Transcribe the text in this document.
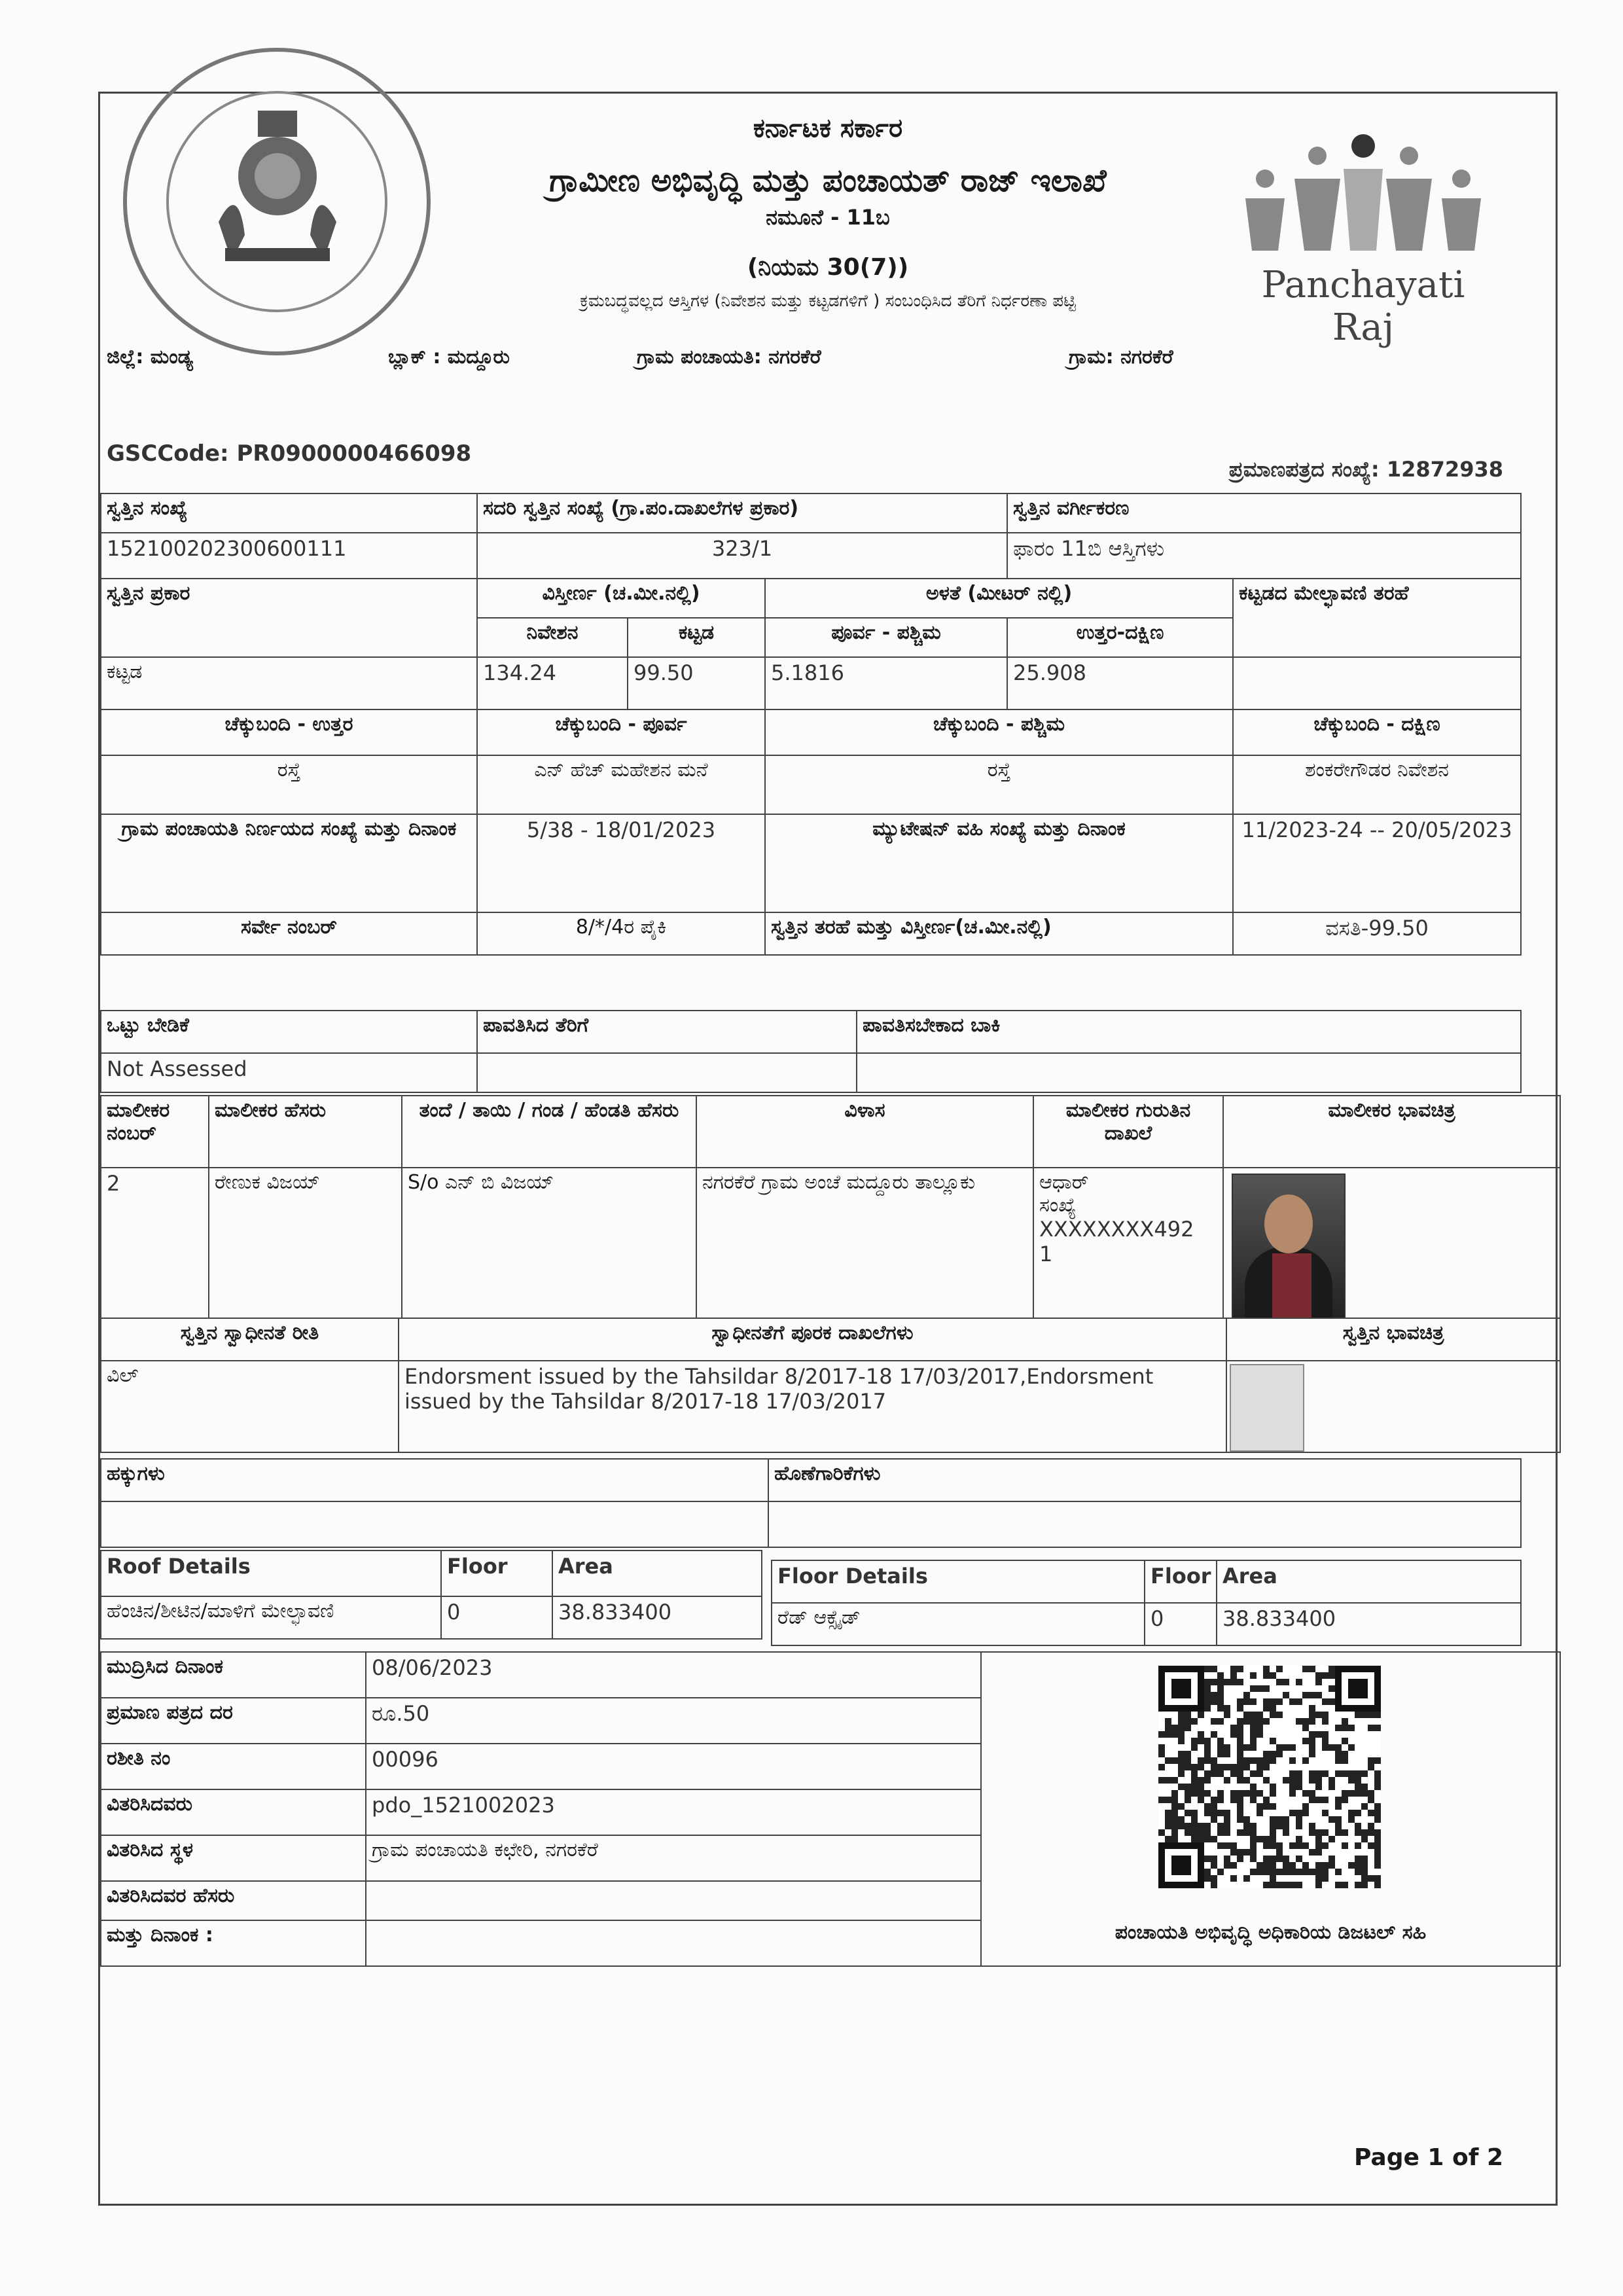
ಕರ್ನಾಟಕ ಸರ್ಕಾರ
ಗ್ರಾಮೀಣ ಅಭಿವೃದ್ಧಿ ಮತ್ತು ಪಂಚಾಯತ್ ರಾಜ್ ಇಲಾಖೆ
ನಮೂನೆ - 11ಬ
(ನಿಯಮ 30(7))
ಕ್ರಮಬದ್ಧವಲ್ಲದ ಆಸ್ತಿಗಳ (ನಿವೇಶನ ಮತ್ತು ಕಟ್ಟಡಗಳಿಗೆ ) ಸಂಬಂಧಿಸಿದ ತೆರಿಗೆ ನಿರ್ಧರಣಾ ಪಟ್ಟಿ	Panchayati Raj
ಜಿಲ್ಲೆ: ಮಂಡ್ಯ	ಬ್ಲಾಕ್ : ಮದ್ದೂರು	ಗ್ರಾಮ ಪಂಚಾಯತಿ: ನಗರಕೆರೆ	ಗ್ರಾಮ: ನಗರಕೆರೆ
GSCCode: PR0900000466098
ಪ್ರಮಾಣಪತ್ರದ ಸಂಖ್ಯೆ: 12872938
ಸ್ವತ್ತಿನ ಸಂಖ್ಯೆ	ಸದರಿ ಸ್ವತ್ತಿನ ಸಂಖ್ಯೆ (ಗ್ರಾ.ಪಂ.ದಾಖಲೆಗಳ ಪ್ರಕಾರ)			ಸ್ವತ್ತಿನ ವರ್ಗೀಕರಣ	
152100202300600111	323/1			ಫಾರಂ 11ಬಿ ಆಸ್ತಿಗಳು	
ಸ್ವತ್ತಿನ ಪ್ರಕಾರ	ವಿಸ್ತೀರ್ಣ (ಚ.ಮೀ.ನಲ್ಲಿ)		ಅಳತೆ (ಮೀಟರ್ ನಲ್ಲಿ)		ಕಟ್ಟಡದ ಮೇಲ್ಛಾವಣಿ ತರಹೆ
	ನಿವೇಶನ	ಕಟ್ಟಡ	ಪೂರ್ವ - ಪಶ್ಚಿಮ	ಉತ್ತರ-ದಕ್ಷಿಣ	
ಕಟ್ಟಡ	134.24	99.50	5.1816	25.908	
ಚೆಕ್ಕುಬಂದಿ - ಉತ್ತರ	ಚೆಕ್ಕುಬಂದಿ - ಪೂರ್ವ		ಚೆಕ್ಕುಬಂದಿ - ಪಶ್ಚಿಮ		ಚೆಕ್ಕುಬಂದಿ - ದಕ್ಷಿಣ
ರಸ್ತೆ	ಎನ್ ಹೆಚ್ ಮಹೇಶನ ಮನೆ		ರಸ್ತೆ		ಶಂಕರೇಗೌಡರ ನಿವೇಶನ
ಗ್ರಾಮ ಪಂಚಾಯತಿ ನಿರ್ಣಯದ ಸಂಖ್ಯೆ ಮತ್ತು ದಿನಾಂಕ	5/38 - 18/01/2023		ಮ್ಯುಟೇಷನ್ ವಹಿ ಸಂಖ್ಯೆ ಮತ್ತು ದಿನಾಂಕ		11/2023-24 -- 20/05/2023
ಸರ್ವೇ ನಂಬರ್	8/*/4ರ ಪೈಕಿ		ಸ್ವತ್ತಿನ ತರಹೆ ಮತ್ತು ವಿಸ್ತೀರ್ಣ(ಚ.ಮೀ.ನಲ್ಲಿ)		ವಸತಿ-99.50
ಒಟ್ಟು ಬೇಡಿಕೆ	ಪಾವತಿಸಿದ ತೆರಿಗೆ	ಪಾವತಿಸಬೇಕಾದ ಬಾಕಿ
Not Assessed		
ಮಾಲೀಕರ ನಂಬರ್	ಮಾಲೀಕರ ಹೆಸರು	ತಂದೆ / ತಾಯಿ / ಗಂಡ / ಹೆಂಡತಿ ಹೆಸರು	ವಿಳಾಸ	ಮಾಲೀಕರ ಗುರುತಿನ ದಾಖಲೆ	ಮಾಲೀಕರ ಭಾವಚಿತ್ರ
2	ರೇಣುಕ ವಿಜಯ್	S/o ಎನ್ ಬಿ ವಿಜಯ್	ನಗರಕೆರೆ ಗ್ರಾಮ ಅಂಚೆ ಮದ್ದೂರು ತಾಲ್ಲೂಕು	ಆಧಾರ್
ಸಂಖ್ಯೆ
XXXXXXXX492
1	

ಸ್ವತ್ತಿನ ಸ್ವಾಧೀನತೆ ರೀತಿ	ಸ್ವಾಧೀನತೆಗೆ ಪೂರಕ ದಾಖಲೆಗಳು	ಸ್ವತ್ತಿನ ಭಾವಚಿತ್ರ
ವಿಲ್	Endorsment issued by the Tahsildar 8/2017-18 17/03/2017,Endorsment issued by the Tahsildar 8/2017-18 17/03/2017	
ಹಕ್ಕುಗಳು	ಹೊಣೆಗಾರಿಕೆಗಳು

Roof Details	Floor	Area
ಹೆಂಚಿನ/ಶೀಟಿನ/ಮಾಳಿಗೆ ಮೇಲ್ಛಾವಣಿ	0	38.833400
Floor Details	Floor	Area
ರೆಡ್ ಆಕ್ಸೈಡ್	0	38.833400
ಮುದ್ರಿಸಿದ ದಿನಾಂಕ	08/06/2023	ಪಂಚಾಯತಿ ಅಭಿವೃದ್ಧಿ ಅಧಿಕಾರಿಯ ಡಿಜಟಲ್ ಸಹಿ

ಪ್ರಮಾಣ ಪತ್ರದ ದರ	ರೂ.50	
ರಶೀತಿ ನಂ	00096	
ವಿತರಿಸಿದವರು	pdo_1521002023	
ವಿತರಿಸಿದ ಸ್ಥಳ	ಗ್ರಾಮ ಪಂಚಾಯತಿ ಕಛೇರಿ, ನಗರಕೆರೆ	
ವಿತರಿಸಿದವರ ಹೆಸರು		
ಮತ್ತು ದಿನಾಂಕ :		
Page 1 of 2
